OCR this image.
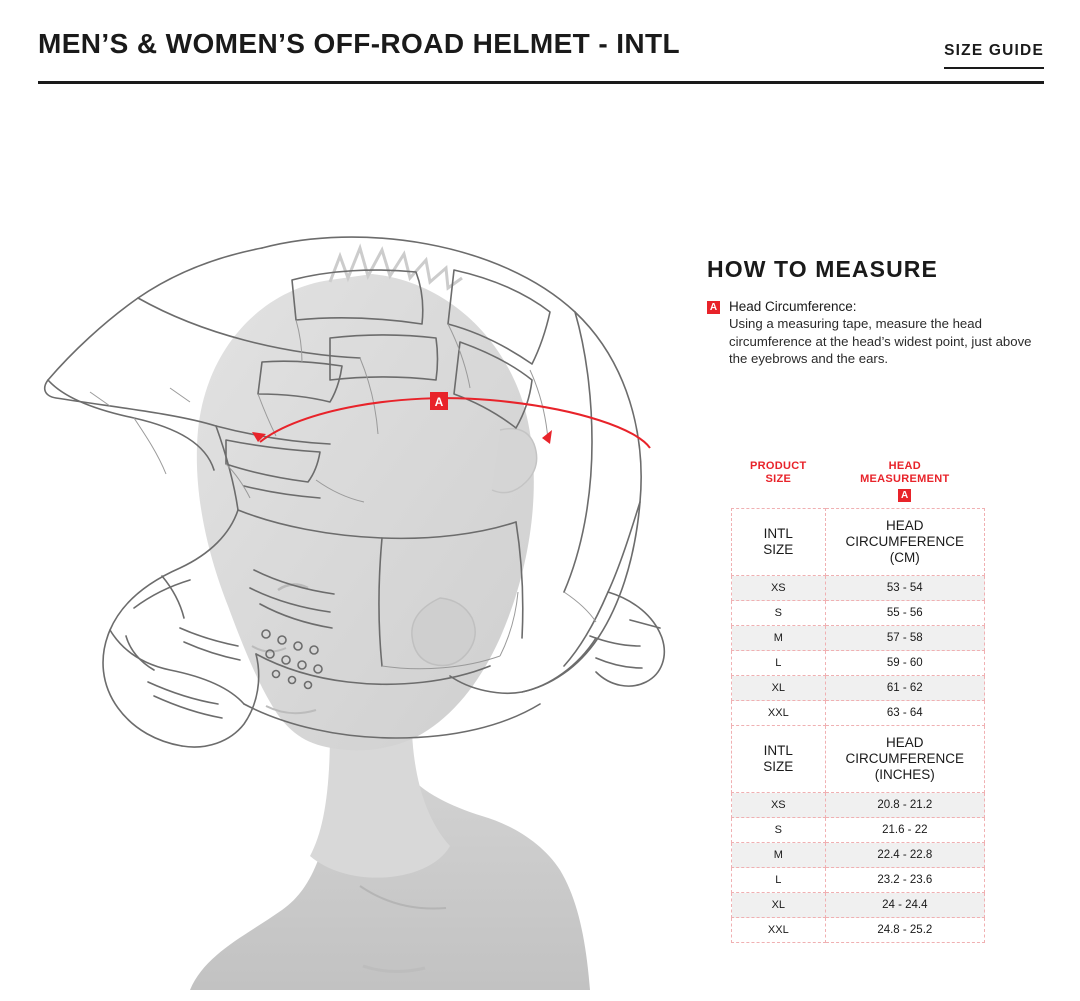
MEN’S & WOMEN’S OFF-ROAD HELMET - INTL	SIZE GUIDE
A
HOW TO MEASURE
A Head Circumference:

Using a measuring tape, measure the head circumference at the head’s widest point, just above the eyebrows and the ears.

PRODUCT
SIZE

HEAD
MEASUREMENT
A

INTL
SIZE

HEAD CIRCUMFERENCE
(CM)

XS	53 - 54
S	55 - 56
M	57 - 58
L	59 - 60
XL	61 - 62
XXL	63 - 64

INTL
SIZE

HEAD CIRCUMFERENCE
(INCHES)

XS	20.8 - 21.2
S	21.6 - 22
M	22.4 - 22.8
L	23.2 - 23.6
XL	24 - 24.4
XXL	24.8 - 25.2
